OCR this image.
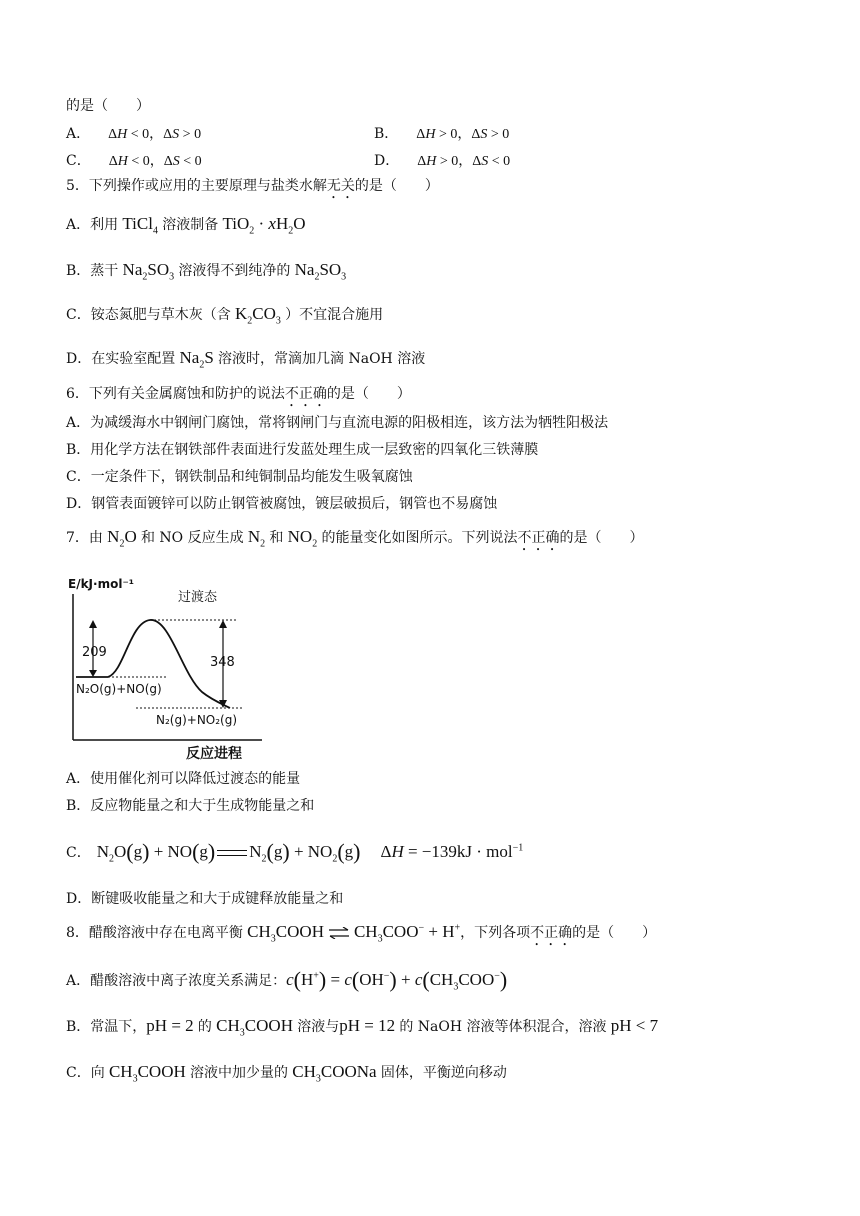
的是（　　）
A． ΔH < 0，ΔS > 0	B． ΔH > 0，ΔS > 0
C． ΔH < 0，ΔS < 0	D． ΔH > 0，ΔS < 0
5．下列操作或应用的主要原理与盐类水解无关的是（　　）
A．利用 TiCl$_4$ 溶液制备 $TiO_2 \cdot xH_2O$
B．蒸干 $Na_2SO_3$ 溶液得不到纯净的 $Na_2SO_3$
C．铵态氮肥与草木灰（含 $K_2CO_3$ ）不宜混合施用
D．在实验室配置 $Na_2S$ 溶液时，常滴加几滴 NaOH 溶液
6．下列有关金属腐蚀和防护的说法不正确的是（　　）
A．为减缓海水中钢闸门腐蚀，常将钢闸门与直流电源的阳极相连，该方法为牺牲阳极法
B．用化学方法在钢铁部件表面进行发蓝处理生成一层致密的四氧化三铁薄膜
C．一定条件下，钢铁制品和纯铜制品均能发生吸氧腐蚀
D．钢管表面镀锌可以防止钢管被腐蚀，镀层破损后，钢管也不易腐蚀
7．由 $N_2O$ 和 NO 反应生成 $N_2$ 和 $NO_2$ 的能量变化如图所示。下列说法不正确的是（　　）
E/kJ·mol⁻¹
过渡态
209
348
N₂O(g)+NO(g)
N₂(g)+NO₂(g)
反应进程
A．使用催化剂可以降低过渡态的能量
B．反应物能量之和大于生成物能量之和
C． $N_2O(g) + NO(g) N_2(g) + NO_2(g) \Delta H = -139kJ \cdot mol^{-1}$
D．断键吸收能量之和大于成键释放能量之和
8．醋酸溶液中存在电离平衡 $CH_3COOH$ ⇌ $CH_3COO^- + H^+$，下列各项不正确的是（　　）
A．醋酸溶液中离子浓度关系满足：$c(H^+) = c(OH^-) + c(CH_3COO^-)$
B．常温下，pH = 2 的 $CH_3COOH$ 溶液与pH = 12 的 NaOH 溶液等体积混合，溶液 pH < 7
C．向 $CH_3COOH$ 溶液中加少量的 $CH_3COONa$ 固体，平衡逆向移动
